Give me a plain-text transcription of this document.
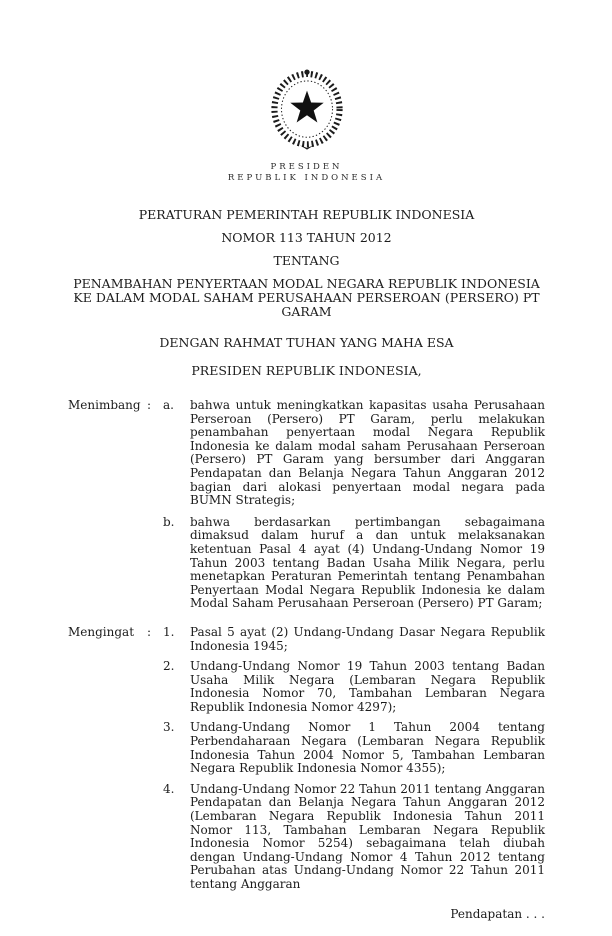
PRESIDEN
REPUBLIK INDONESIA
PERATURAN PEMERINTAH REPUBLIK INDONESIA
NOMOR 113 TAHUN 2012
TENTANG
PENAMBAHAN PENYERTAAN MODAL NEGARA REPUBLIK INDONESIA KE DALAM MODAL SAHAM PERUSAHAAN PERSEROAN (PERSERO) PT GARAM
DENGAN RAHMAT TUHAN YANG MAHA ESA
PRESIDEN REPUBLIK INDONESIA,
Menimbang : a.	bahwa untuk meningkatkan kapasitas usaha Perusahaan Perseroan (Persero) PT Garam, perlu melakukan penambahan penyertaan modal Negara Republik Indonesia ke dalam modal saham Perusahaan Perseroan (Persero) PT Garam yang bersumber dari Anggaran Pendapatan dan Belanja Negara Tahun Anggaran 2012 bagian dari alokasi penyertaan modal negara pada BUMN Strategis;
b.	bahwa berdasarkan pertimbangan sebagaimana dimaksud dalam huruf a dan untuk melaksanakan ketentuan Pasal 4 ayat (4) Undang-Undang Nomor 19 Tahun 2003 tentang Badan Usaha Milik Negara, perlu menetapkan Peraturan Pemerintah tentang Penambahan Penyertaan Modal Negara Republik Indonesia ke dalam Modal Saham Perusahaan Perseroan (Persero) PT Garam;
Mengingat	: 1.	Pasal 5 ayat (2) Undang-Undang Dasar Negara Republik Indonesia 1945;
2.	Undang-Undang Nomor 19 Tahun 2003 tentang Badan Usaha Milik Negara (Lembaran Negara Republik Indonesia Nomor 70, Tambahan Lembaran Negara Republik Indonesia Nomor 4297);
3.	Undang-Undang Nomor 1 Tahun 2004 tentang Perbendaharaan Negara (Lembaran Negara Republik Indonesia Tahun 2004 Nomor 5, Tambahan Lembaran Negara Republik Indonesia Nomor 4355);
4.	Undang-Undang Nomor 22 Tahun 2011 tentang Anggaran Pendapatan dan Belanja Negara Tahun Anggaran 2012 (Lembaran Negara Republik Indonesia Tahun 2011 Nomor 113, Tambahan Lembaran Negara Republik Indonesia Nomor 5254) sebagaimana telah diubah dengan Undang-Undang Nomor 4 Tahun 2012 tentang Perubahan atas Undang-Undang Nomor 22 Tahun 2011 tentang Anggaran
Pendapatan . . .
